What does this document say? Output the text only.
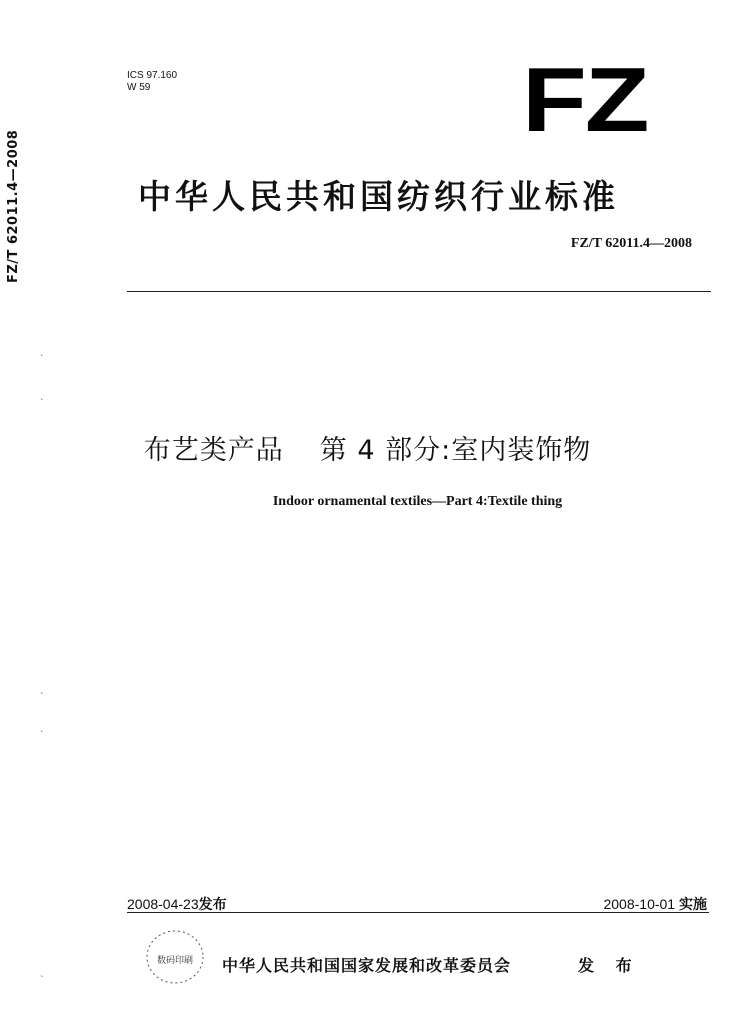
FZ/T 62011.4—2008
ICS 97.160
W 59	FZ
中华人民共和国纺织行业标准
FZ/T 62011.4—2008
ˋ
ˎ
ˋ
ˋ
ˎ
布艺类产品 第 4 部分:室内装饰物
Indoor ornamental textiles—Part 4:Textile thing
2008-04-23发布	2008-10-01 实施
数码印刷 中华人民共和国国家发展和改革委员会	发 布
